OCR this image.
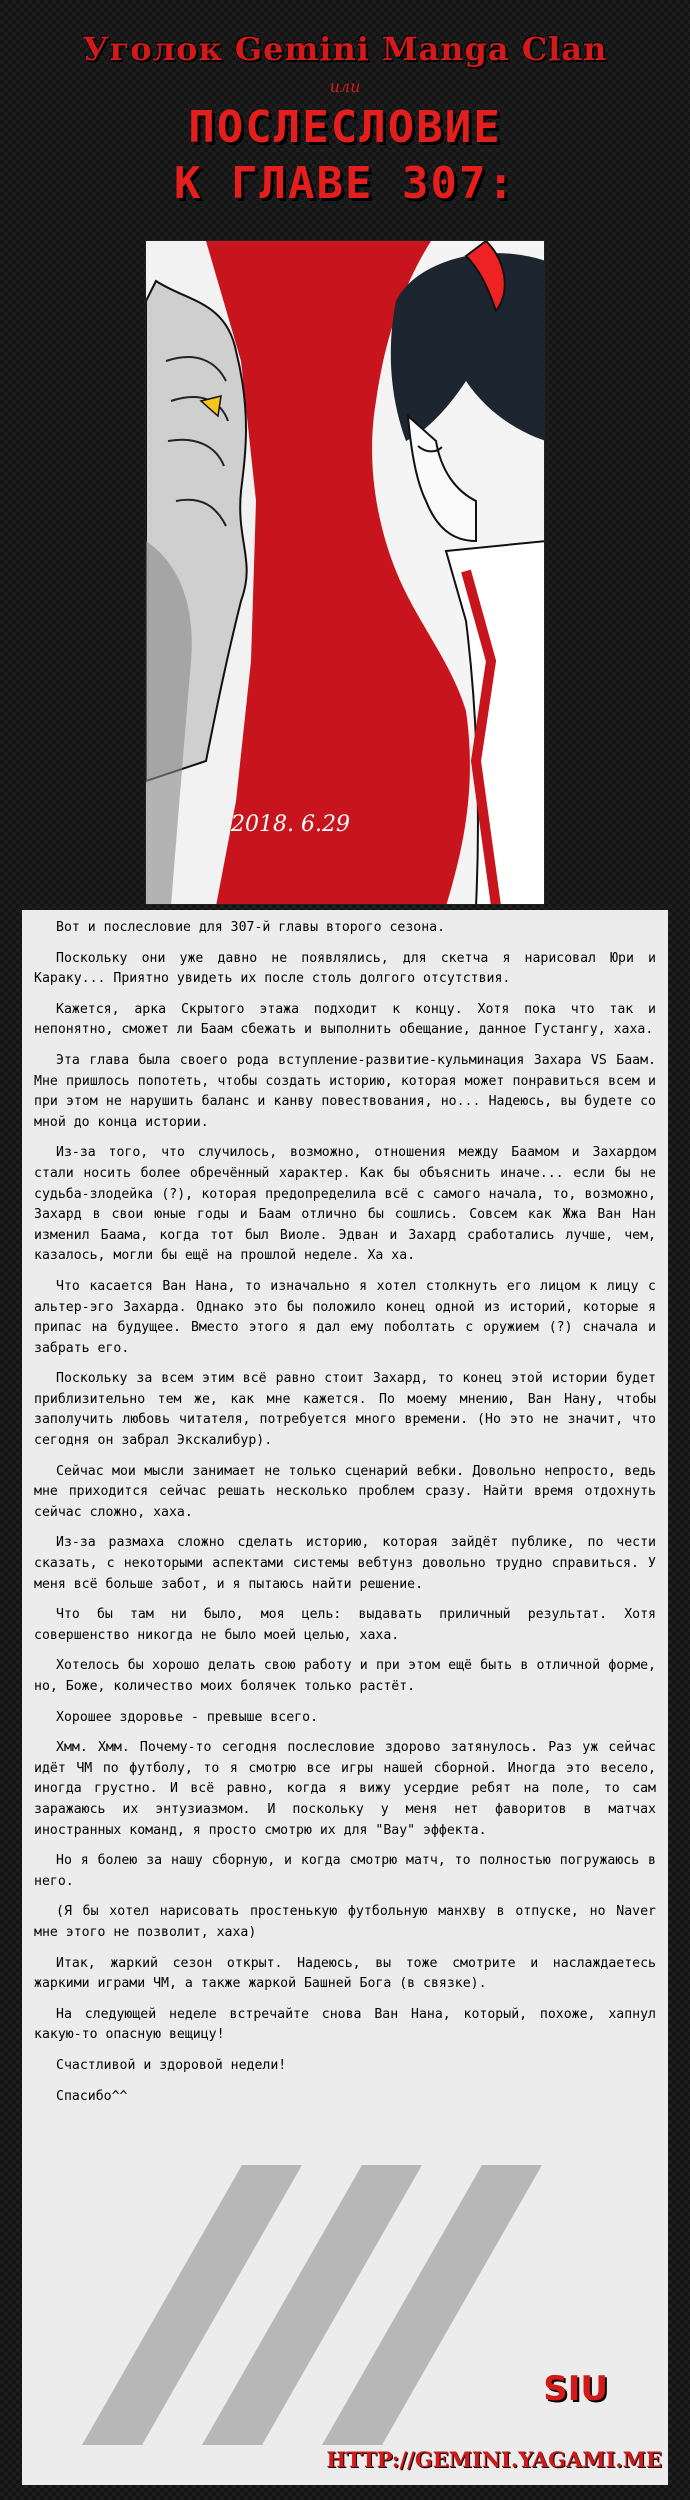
Уголок Gemini Manga Clan
или
ПОСЛЕСЛОВИЕ
К ГЛАВЕ 307:
2018. 6.29

Вот и послесловие для 307-й главы второго сезона.

Поскольку они уже давно не появлялись, для скетча я нарисовал Юри и Караку... Приятно увидеть их после столь долгого отсутствия.

Кажется, арка Скрытого этажа подходит к концу. Хотя пока что так и непонятно, сможет ли Баам сбежать и выполнить обещание, данное Густангу, хаха.

Эта глава была своего рода вступление-развитие-кульминация Захара VS Баам. Мне пришлось попотеть, чтобы создать историю, которая может понравиться всем и при этом не нарушить баланс и канву повествования, но... Надеюсь, вы будете со мной до конца истории.

Из-за того, что случилось, возможно, отношения между Баамом и Захардом стали носить более обречённый характер. Как бы объяснить иначе... если бы не судьба-злодейка (?), которая предопределила всё с самого начала, то, возможно, Захард в свои юные годы и Баам отлично бы сошлись. Совсем как Жжа Ван Нан изменил Баама, когда тот был Виоле. Эдван и Захард сработались лучше, чем, казалось, могли бы ещё на прошлой неделе. Ха ха.

Что касается Ван Нана, то изначально я хотел столкнуть его лицом к лицу с альтер-эго Захарда. Однако это бы положило конец одной из историй, которые я припас на будущее. Вместо этого я дал ему поболтать с оружием (?) сначала и забрать его.

Поскольку за всем этим всё равно стоит Захард, то конец этой истории будет приблизительно тем же, как мне кажется. По моему мнению, Ван Нану, чтобы заполучить любовь читателя, потребуется много времени. (Но это не значит, что сегодня он забрал Экскалибур).

Сейчас мои мысли занимает не только сценарий вебки. Довольно непросто, ведь мне приходится сейчас решать несколько проблем сразу. Найти время отдохнуть сейчас сложно, хаха.

Из-за размаха сложно сделать историю, которая зайдёт публике, по чести сказать, с некоторыми аспектами системы вебтунз довольно трудно справиться. У меня всё больше забот, и я пытаюсь найти решение.

Что бы там ни было, моя цель: выдавать приличный результат. Хотя совершенство никогда не было моей целью, хаха.

Хотелось бы хорошо делать свою работу и при этом ещё быть в отличной форме, но, Боже, количество моих болячек только растёт.

Хорошее здоровье - превыше всего.

Хмм. Хмм. Почему-то сегодня послесловие здорово затянулось. Раз уж сейчас идёт ЧМ по футболу, то я смотрю все игры нашей сборной. Иногда это весело, иногда грустно. И всё равно, когда я вижу усердие ребят на поле, то сам заражаюсь их энтузиазмом. И поскольку у меня нет фаворитов в матчах иностранных команд, я просто смотрю их для "Вау" эффекта.

Но я болею за нашу сборную, и когда смотрю матч, то полностью погружаюсь в него.

(Я бы хотел нарисовать простенькую футбольную манхву в отпуске, но Naver мне этого не позволит, хаха)

Итак, жаркий сезон открыт. Надеюсь, вы тоже смотрите и наслаждаетесь жаркими играми ЧМ, а также жаркой Башней Бога (в связке).

На следующей неделе встречайте снова Ван Нана, который, похоже, хапнул какую-то опасную вещицу!

Счастливой и здоровой недели!

Спасибо^^

SIU
HTTP://GEMINI.YAGAMI.ME
